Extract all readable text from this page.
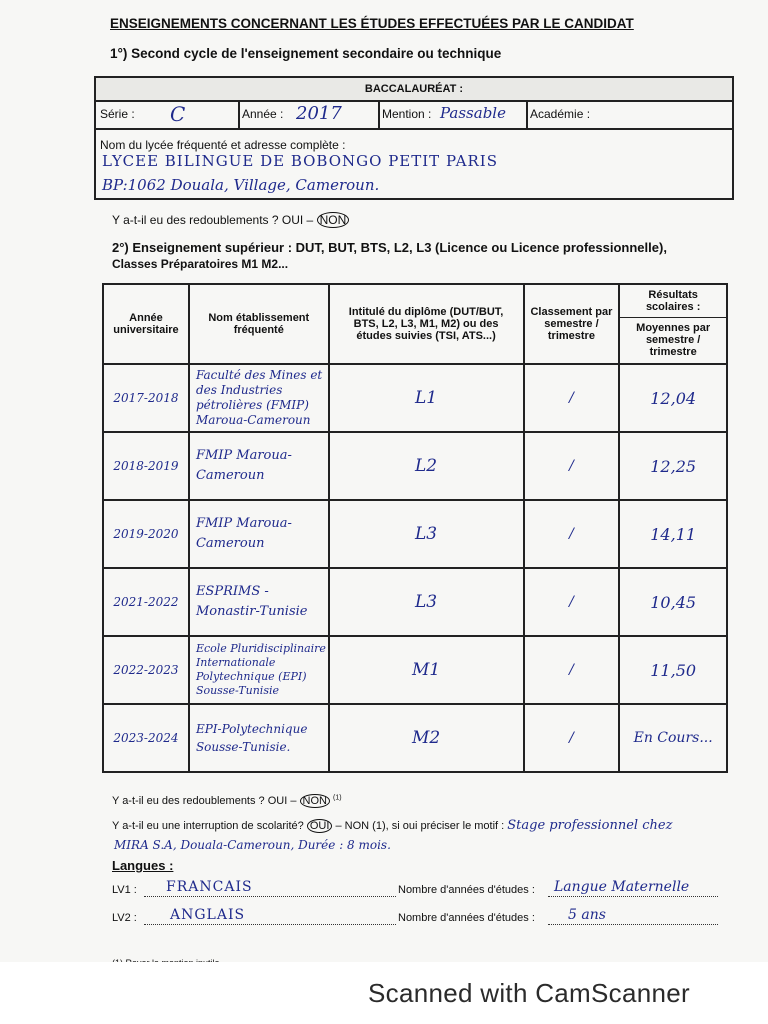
ENSEIGNEMENTS CONCERNANT LES ÉTUDES EFFECTUÉES PAR LE CANDIDAT
1°) Second cycle de l'enseignement secondaire ou technique
BACCALAURÉAT :
Série : C	Année : 2017	Mention : Passable Académie :
Nom du lycée fréquenté et adresse complète :
LYCEE BILINGUE DE BOBONGO PETIT PARIS
BP:1062 Douala, Village, Cameroun.
Y a-t-il eu des redoublements ? OUI – NON
2°) Enseignement supérieur : DUT, BUT, BTS, L2, L3 (Licence ou Licence professionnelle),
Classes Préparatoires M1 M2...
Année universitaire	Nom établissement fréquenté	Intitulé du diplôme (DUT/BUT, BTS, L2, L3, M1, M2) ou des études suivies (TSI, ATS...)	Classement par semestre / trimestre	Résultats scolaires :
Moyennes par semestre / trimestre

2017-2018	Faculté des Mines et des Industries pétrolières (FMIP) Maroua-Cameroun	L1	/	12,04
2018-2019	FMIP Maroua-Cameroun	L2	/	12,25
2019-2020	FMIP Maroua-Cameroun	L3	/	14,11
2021-2022	ESPRIMS - Monastir-Tunisie	L3	/	10,45
2022-2023	Ecole Pluridisciplinaire Internationale Polytechnique (EPI) Sousse-Tunisie	M1	/	11,50
2023-2024	EPI-Polytechnique Sousse-Tunisie.	M2	/	En Cours...
Y a-t-il eu des redoublements ? OUI – NON $^{(1)}$
Y a-t-il eu une interruption de scolarité? OUI – NON (1), si oui préciser le motif : Stage professionnel chez
MIRA S.A, Douala-Cameroun, Durée : 8 mois.
Langues :
LV1 : FRANCAIS	Nombre d'années d'études : Langue Maternelle
LV2 : ANGLAIS	Nombre d'années d'études : 5 ans
Scanned with CamScanner
